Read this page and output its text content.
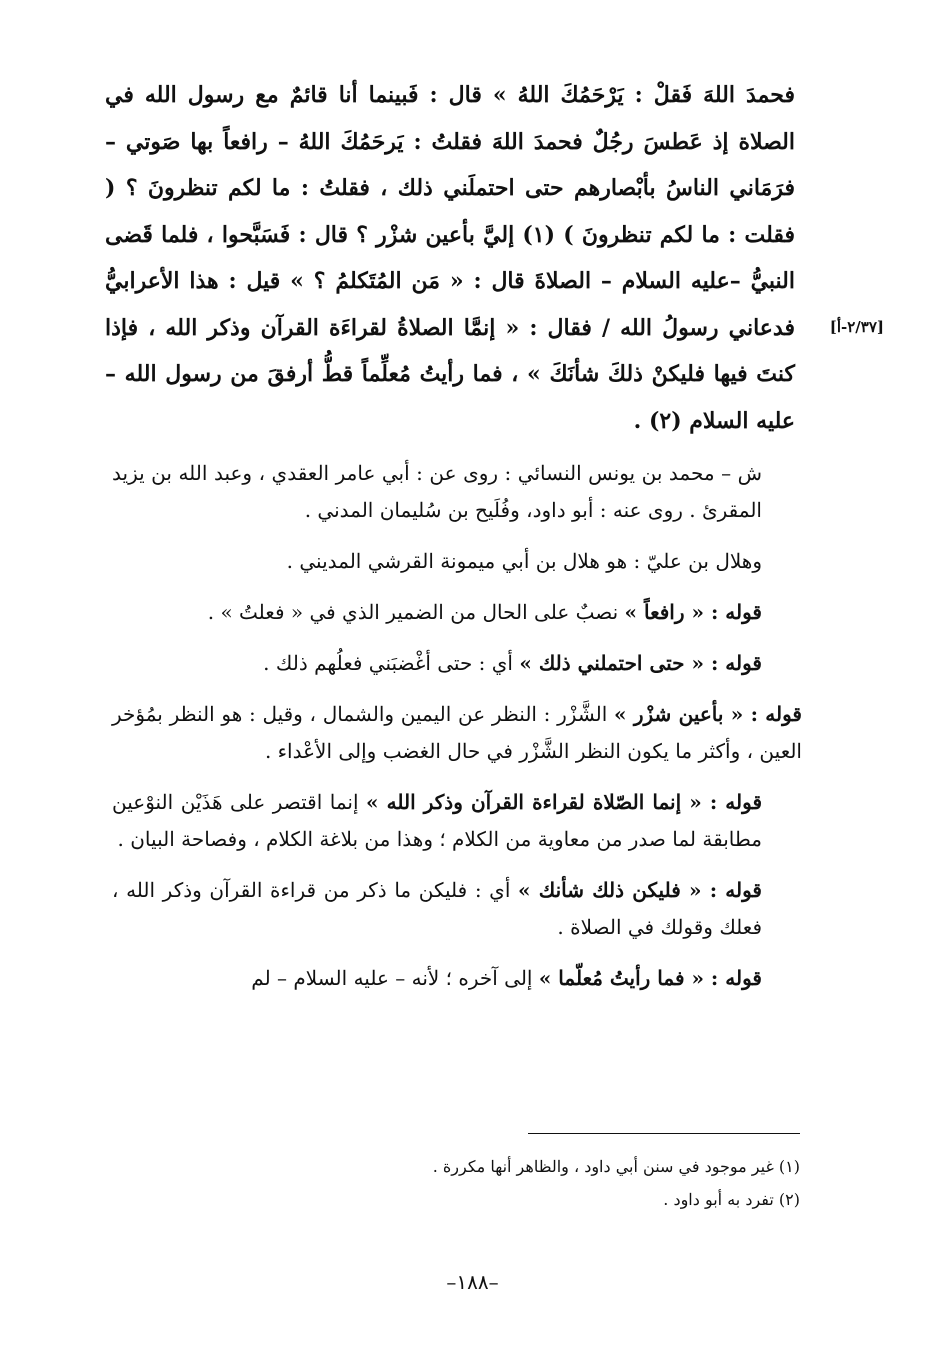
فحمدَ اللهَ فَقلْ : يَرْحَمُكَ اللهُ » قال : فَبينما أنا قائمٌ مع رسول الله في الصلاة إذ عَطسَ رجُلٌ فحمدَ اللهَ فقلتُ : يَرحَمُكَ اللهُ – رافعاً بها صَوتي – فرَمَاني الناسُ بأبْصارهم حتى احتملَني ذلك ، فقلتُ : ما لكم تنظرونَ ؟ ( فقلت : ما لكم تنظرونَ ) (١) إليَّ بأعين شزْر ؟ قال : فَسَبَّحوا ، فلما قَضى النبيُّ –عليه السلام – الصلاةَ قال : « مَن المُتَكلمُ ؟ » قيل : هذا الأعرابيُّ فدعاني رسولُ الله / فقال : « إنمَّا الصلاةُ لقراءَة القرآن وذكر الله ، فإذا كنتَ فيها فليكنْ ذلكَ شأنَكَ » ، فما رأيتُ مُعلِّماً قطُّ أرفقَ من رسول الله – عليه السلام (٢) .

[٢/٣٧-أ]

ش – محمد بن يونس النسائي : روى عن : أبي عامر العقدي ، وعبد الله بن يزيد المقرئ . روى عنه : أبو داود، وفُلَيح بن سُليمان المدني .

وهلال بن عليّ : هو هلال بن أبي ميمونة القرشي المديني .

قوله : « رافعاً » نصبٌ على الحال من الضمير الذي في « فعلتُ » .

قوله : « حتى احتملني ذلك » أي : حتى أغْضبَني فعلُهم ذلك .

قوله : « بأعين شزْر » الشَّزْر : النظر عن اليمين والشمال ، وقيل : هو النظر بمُؤخر العين ، وأكثر ما يكون النظر الشَّزْر في حال الغضب وإلى الأعْداء .

قوله : « إنما الصّلاة لقراءة القرآن وذكر الله » إنما اقتصر على هَذَيْن النوْعين مطابقة لما صدر من معاوية من الكلام ؛ وهذا من بلاغة الكلام ، وفصاحة البيان .

قوله : « فليكن ذلك شأنك » أي : فليكن ما ذكر من قراءة القرآن وذكر الله ، فعلك وقولك في الصلاة .

قوله : « فما رأيتُ مُعلّما » إلى آخره ؛ لأنه – عليه السلام – لم

(١) غير موجود في سنن أبي داود ، والظاهر أنها مكررة .
(٢) تفرد به أبو داود .
–١٨٨–
